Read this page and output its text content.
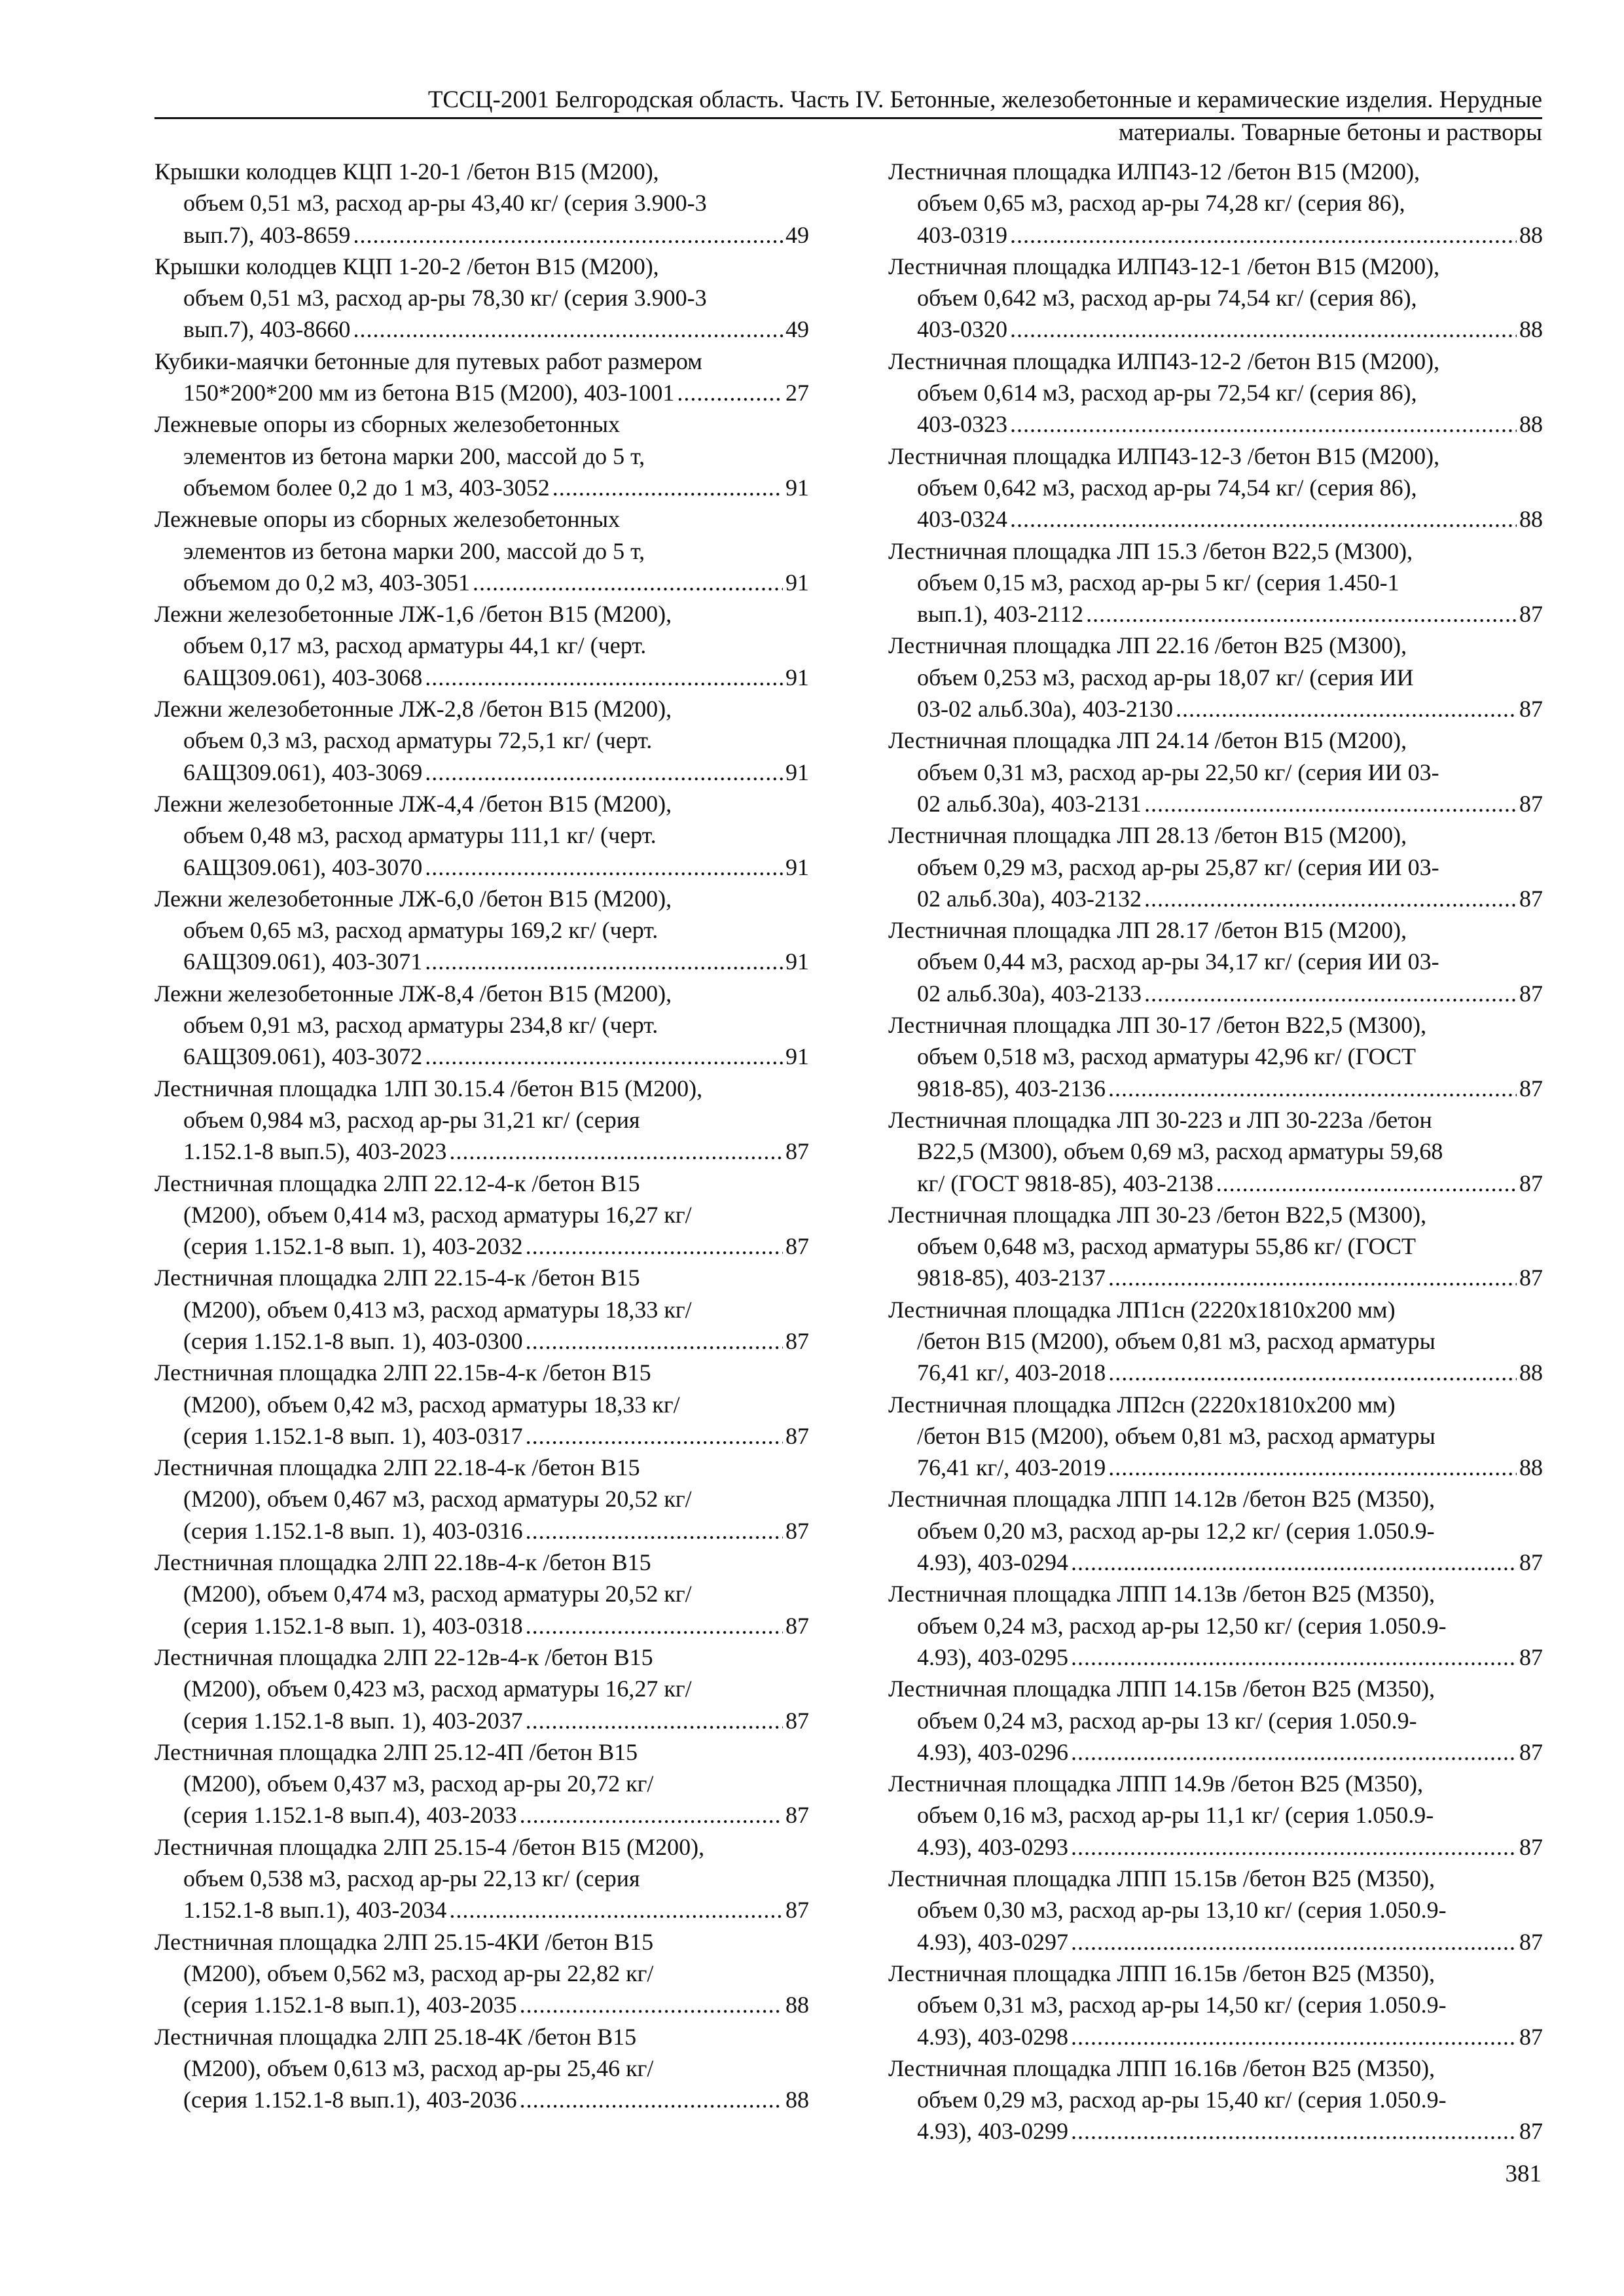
ТССЦ-2001 Белгородская область. Часть IV. Бетонные, железобетонные и керамические изделия. Нерудные
материалы. Товарные бетоны и растворы
Крышки колодцев КЦП 1-20-1 /бетон В15 (М200),
объем 0,51 м3, расход ар-ры 43,40 кг/ (серия 3.900-3
вып.7), 403-8659 .....	49
Крышки колодцев КЦП 1-20-2 /бетон В15 (М200),
объем 0,51 м3, расход ар-ры 78,30 кг/ (серия 3.900-3
вып.7), 403-8660 .....	49
Кубики-маячки бетонные для путевых работ размером
150*200*200 мм из бетона В15 (М200), 403-1001 .....	27
Лежневые опоры из сборных железобетонных
элементов из бетона марки 200, массой до 5 т,
объемом более 0,2 до 1 м3, 403-3052 .....	91
Лежневые опоры из сборных железобетонных
элементов из бетона марки 200, массой до 5 т,
объемом до 0,2 м3, 403-3051 .....	91
Лежни железобетонные ЛЖ-1,6 /бетон В15 (М200),
объем 0,17 м3, расход арматуры 44,1 кг/ (черт.
6АЩ309.061), 403-3068 .....	91
Лежни железобетонные ЛЖ-2,8 /бетон В15 (М200),
объем 0,3 м3, расход арматуры 72,5,1 кг/ (черт.
6АЩ309.061), 403-3069 .....	91
Лежни железобетонные ЛЖ-4,4 /бетон В15 (М200),
объем 0,48 м3, расход арматуры 111,1 кг/ (черт.
6АЩ309.061), 403-3070 .....	91
Лежни железобетонные ЛЖ-6,0 /бетон В15 (М200),
объем 0,65 м3, расход арматуры 169,2 кг/ (черт.
6АЩ309.061), 403-3071 .....	91
Лежни железобетонные ЛЖ-8,4 /бетон В15 (М200),
объем 0,91 м3, расход арматуры 234,8 кг/ (черт.
6АЩ309.061), 403-3072 .....	91
Лестничная площадка 1ЛП 30.15.4 /бетон В15 (М200),
объем 0,984 м3, расход ар-ры 31,21 кг/ (серия
1.152.1-8 вып.5), 403-2023 .....	87
Лестничная площадка 2ЛП 22.12-4-к /бетон В15
(М200), объем 0,414 м3, расход арматуры 16,27 кг/
(серия 1.152.1-8 вып. 1), 403-2032 .....	87
Лестничная площадка 2ЛП 22.15-4-к /бетон В15
(М200), объем 0,413 м3, расход арматуры 18,33 кг/
(серия 1.152.1-8 вып. 1), 403-0300 .....	87
Лестничная площадка 2ЛП 22.15в-4-к /бетон В15
(М200), объем 0,42 м3, расход арматуры 18,33 кг/
(серия 1.152.1-8 вып. 1), 403-0317 .....	87
Лестничная площадка 2ЛП 22.18-4-к /бетон В15
(М200), объем 0,467 м3, расход арматуры 20,52 кг/
(серия 1.152.1-8 вып. 1), 403-0316 .....	87
Лестничная площадка 2ЛП 22.18в-4-к /бетон В15
(М200), объем 0,474 м3, расход арматуры 20,52 кг/
(серия 1.152.1-8 вып. 1), 403-0318 .....	87
Лестничная площадка 2ЛП 22-12в-4-к /бетон В15
(М200), объем 0,423 м3, расход арматуры 16,27 кг/
(серия 1.152.1-8 вып. 1), 403-2037 .....	87
Лестничная площадка 2ЛП 25.12-4П /бетон В15
(М200), объем 0,437 м3, расход ар-ры 20,72 кг/
(серия 1.152.1-8 вып.4), 403-2033 .....	87
Лестничная площадка 2ЛП 25.15-4 /бетон В15 (М200),
объем 0,538 м3, расход ар-ры 22,13 кг/ (серия
1.152.1-8 вып.1), 403-2034 .....	87
Лестничная площадка 2ЛП 25.15-4КИ /бетон В15
(М200), объем 0,562 м3, расход ар-ры 22,82 кг/
(серия 1.152.1-8 вып.1), 403-2035 .....	88
Лестничная площадка 2ЛП 25.18-4К /бетон В15
(М200), объем 0,613 м3, расход ар-ры 25,46 кг/
(серия 1.152.1-8 вып.1), 403-2036 .....	88
Лестничная площадка ИЛП43-12 /бетон В15 (М200),
объем 0,65 м3, расход ар-ры 74,28 кг/ (серия 86),
403-0319 .....	88
Лестничная площадка ИЛП43-12-1 /бетон В15 (М200),
объем 0,642 м3, расход ар-ры 74,54 кг/ (серия 86),
403-0320 .....	88
Лестничная площадка ИЛП43-12-2 /бетон В15 (М200),
объем 0,614 м3, расход ар-ры 72,54 кг/ (серия 86),
403-0323 .....	88
Лестничная площадка ИЛП43-12-3 /бетон В15 (М200),
объем 0,642 м3, расход ар-ры 74,54 кг/ (серия 86),
403-0324 .....	88
Лестничная площадка ЛП 15.3 /бетон В22,5 (М300),
объем 0,15 м3, расход ар-ры 5 кг/ (серия 1.450-1
вып.1), 403-2112 .....	87
Лестничная площадка ЛП 22.16 /бетон В25 (М300),
объем 0,253 м3, расход ар-ры 18,07 кг/ (серия ИИ
03-02 альб.30а), 403-2130 .....	87
Лестничная площадка ЛП 24.14 /бетон В15 (М200),
объем 0,31 м3, расход ар-ры 22,50 кг/ (серия ИИ 03-
02 альб.30а), 403-2131 .....	87
Лестничная площадка ЛП 28.13 /бетон В15 (М200),
объем 0,29 м3, расход ар-ры 25,87 кг/ (серия ИИ 03-
02 альб.30а), 403-2132 .....	87
Лестничная площадка ЛП 28.17 /бетон В15 (М200),
объем 0,44 м3, расход ар-ры 34,17 кг/ (серия ИИ 03-
02 альб.30а), 403-2133 .....	87
Лестничная площадка ЛП 30-17 /бетон В22,5 (М300),
объем 0,518 м3, расход арматуры 42,96 кг/ (ГОСТ
9818-85), 403-2136 .....	87
Лестничная площадка ЛП 30-223 и ЛП 30-223а /бетон
В22,5 (М300), объем 0,69 м3, расход арматуры 59,68
кг/ (ГОСТ 9818-85), 403-2138 .....	87
Лестничная площадка ЛП 30-23 /бетон В22,5 (М300),
объем 0,648 м3, расход арматуры 55,86 кг/ (ГОСТ
9818-85), 403-2137 .....	87
Лестничная площадка ЛП1сн (2220х1810х200 мм)
/бетон В15 (М200), объем 0,81 м3, расход арматуры
76,41 кг/, 403-2018 .....	88
Лестничная площадка ЛП2сн (2220х1810х200 мм)
/бетон В15 (М200), объем 0,81 м3, расход арматуры
76,41 кг/, 403-2019 .....	88
Лестничная площадка ЛПП 14.12в /бетон В25 (М350),
объем 0,20 м3, расход ар-ры 12,2 кг/ (серия 1.050.9-
4.93), 403-0294 .....	87
Лестничная площадка ЛПП 14.13в /бетон В25 (М350),
объем 0,24 м3, расход ар-ры 12,50 кг/ (серия 1.050.9-
4.93), 403-0295 .....	87
Лестничная площадка ЛПП 14.15в /бетон В25 (М350),
объем 0,24 м3, расход ар-ры 13 кг/ (серия 1.050.9-
4.93), 403-0296 .....	87
Лестничная площадка ЛПП 14.9в /бетон В25 (М350),
объем 0,16 м3, расход ар-ры 11,1 кг/ (серия 1.050.9-
4.93), 403-0293 .....	87
Лестничная площадка ЛПП 15.15в /бетон В25 (М350),
объем 0,30 м3, расход ар-ры 13,10 кг/ (серия 1.050.9-
4.93), 403-0297 .....	87
Лестничная площадка ЛПП 16.15в /бетон В25 (М350),
объем 0,31 м3, расход ар-ры 14,50 кг/ (серия 1.050.9-
4.93), 403-0298 .....	87
Лестничная площадка ЛПП 16.16в /бетон В25 (М350),
объем 0,29 м3, расход ар-ры 15,40 кг/ (серия 1.050.9-
4.93), 403-0299 .....	87
381
